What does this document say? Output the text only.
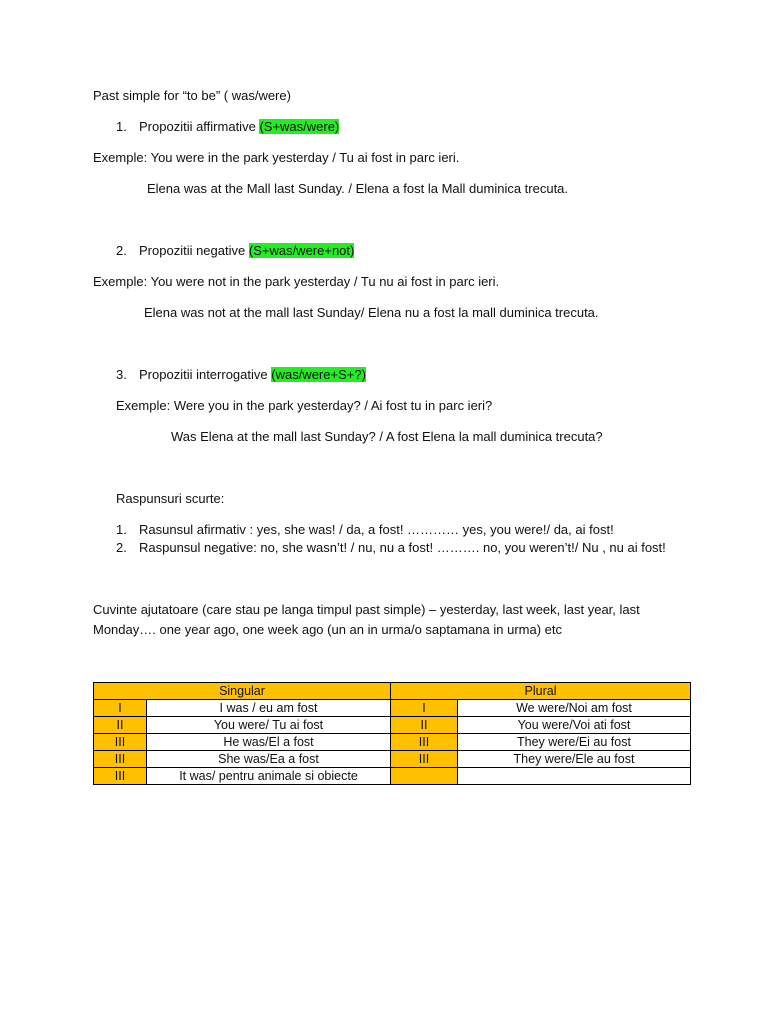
Past simple for “to be” ( was/were)
1. Propozitii affirmative (S+was/were)
Exemple: You were in the park yesterday / Tu ai fost in parc ieri.
Elena was at the Mall last Sunday. / Elena a fost la Mall duminica trecuta.
2. Propozitii negative (S+was/were+not)
Exemple: You were not in the park yesterday / Tu nu ai fost in parc ieri.
Elena was not at the mall last Sunday/ Elena nu a fost la mall duminica trecuta.
3. Propozitii interrogative (was/were+S+?)
Exemple: Were you in the park yesterday? / Ai fost tu in parc ieri?
Was Elena at the mall last Sunday? / A fost Elena la mall duminica trecuta?
Raspunsuri scurte:
1. Rasunsul afirmativ : yes, she was! / da, a fost! ………… yes, you were!/ da, ai fost!
2. Raspunsul negative: no, she wasn’t! / nu, nu a fost! ………. no, you weren’t!/ Nu , nu ai fost!
Cuvinte ajutatoare (care stau pe langa timpul past simple) – yesterday, last week, last year, last Monday…. one year ago, one week ago (un an in urma/o saptamana in urma) etc
Singular		Plural	
I	I was / eu am fost	I	We were/Noi am fost
II	You were/ Tu ai fost	II	You were/Voi ati fost
III	He was/El a fost	III	They were/Ei au fost
III	She was/Ea a fost	III	They were/Ele au fost
III	It was/ pentru animale si obiecte		
